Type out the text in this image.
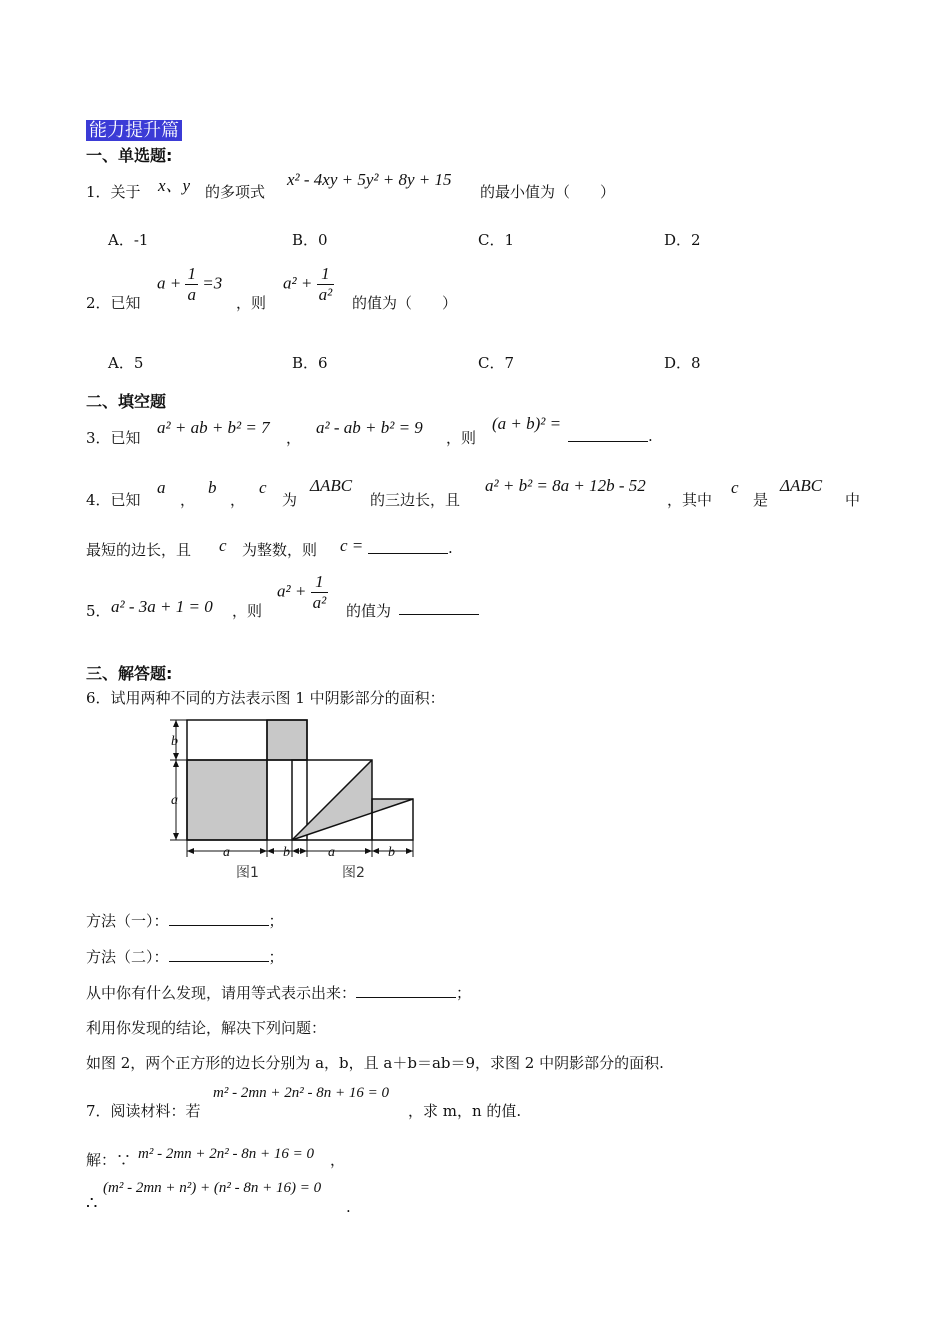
能力提升篇
一、单选题:
1．关于 x、y 的多项式
x² - 4xy + 5y² + 8y + 15
的最小值为（　　）
A．-1	B．0	C．1	D．2
2．已知
$a + \frac{1}{a} =3$
，则
$a^2 + \frac{1}{\text{a²}}$ 的值为（　　）
A．5	B．6	C．7	D．8
二、填空题
3．已知
a² + ab + b² = 7
，
a² - ab + b² = 9
，则
(a + b)² =
.
4．已知
a
，
b
，
c
为
ΔABC
的三边长，且
a² + b² = 8a + 12b - 52
，其中
c
是
ΔABC
中
最短的边长，且 c 为整数，则 c =	.
5． a² - 3a + 1 = 0 ，则
$a^2 + \frac{1}{\text{a²}}$ 的值为
三、解答题:
6．试用两种不同的方法表示图 1 中阴影部分的面积：
b
a
a	b
图1
a	b
图2
方法（一）：	；
方法（二）：	；
从中你有什么发现，请用等式表示出来：	；
利用你发现的结论，解决下列问题：
如图 2，两个正方形的边长分别为 a，b，且 a＋b＝ab＝9，求图 2 中阴影部分的面积.
7．阅读材料：若
m² - 2mn + 2n² - 8n + 16 = 0
，求 m，n 的值.
解：∵ m² - 2mn + 2n² - 8n + 16 = 0 ，
∴
(m² - 2mn + n²) + (n² - 8n + 16) = 0
.
